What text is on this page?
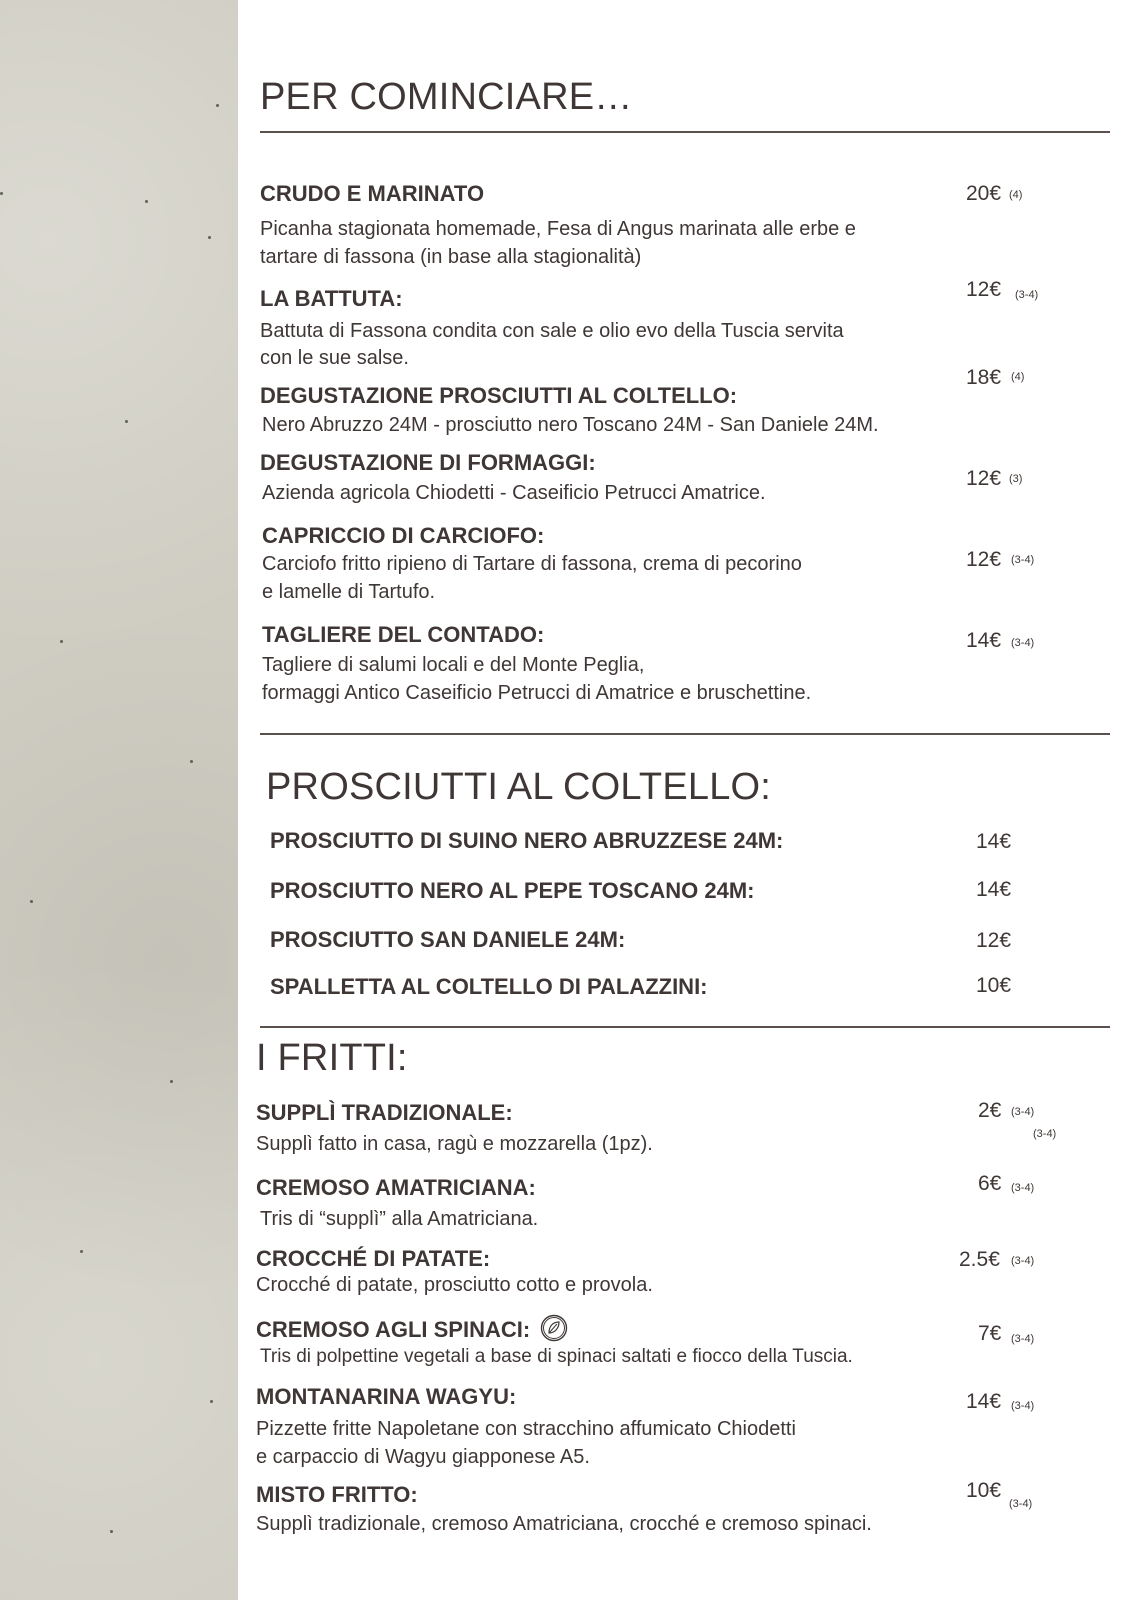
PER COMINCIARE…
CRUDO E MARINATO
Picanha stagionata homemade, Fesa di Angus marinata alle erbe e
tartare di fassona (in base alla stagionalità)
20€ (4)
LA BATTUTA:
Battuta di Fassona condita con sale e olio evo della Tuscia servita
con le sue salse.
12€ (3-4)
DEGUSTAZIONE PROSCIUTTI AL COLTELLO:
Nero Abruzzo 24M - prosciutto nero Toscano 24M - San Daniele 24M.
18€ (4)
DEGUSTAZIONE DI FORMAGGI:
Azienda agricola Chiodetti - Caseificio Petrucci Amatrice.
12€ (3)
CAPRICCIO DI CARCIOFO:
Carciofo fritto ripieno di Tartare di fassona, crema di pecorino
e lamelle di Tartufo.
12€ (3-4)
TAGLIERE DEL CONTADO:
Tagliere di salumi locali e del Monte Peglia,
formaggi Antico Caseificio Petrucci di Amatrice e bruschettine.
14€ (3-4)
PROSCIUTTI AL COLTELLO:
PROSCIUTTO DI SUINO NERO ABRUZZESE 24M:	14€
PROSCIUTTO NERO AL PEPE TOSCANO 24M:	14€
PROSCIUTTO SAN DANIELE 24M:	12€
SPALLETTA AL COLTELLO DI PALAZZINI:	10€
I FRITTI:
SUPPLÌ TRADIZIONALE:
Supplì fatto in casa, ragù e mozzarella (1pz).
2€ (3-4)
(3-4)
CREMOSO AMATRICIANA:
Tris di “supplì” alla Amatriciana.
6€ (3-4)
CROCCHÉ DI PATATE:
Crocché di patate, prosciutto cotto e provola.
2.5€ (3-4)
CREMOSO AGLI SPINACI:
Tris di polpettine vegetali a base di spinaci saltati e fiocco della Tuscia.
7€ (3-4)
MONTANARINA WAGYU:
Pizzette fritte Napoletane con stracchino affumicato Chiodetti
e carpaccio di Wagyu giapponese A5.
14€ (3-4)
MISTO FRITTO:
Supplì tradizionale, cremoso Amatriciana, crocché e cremoso spinaci.
10€
(3-4)
